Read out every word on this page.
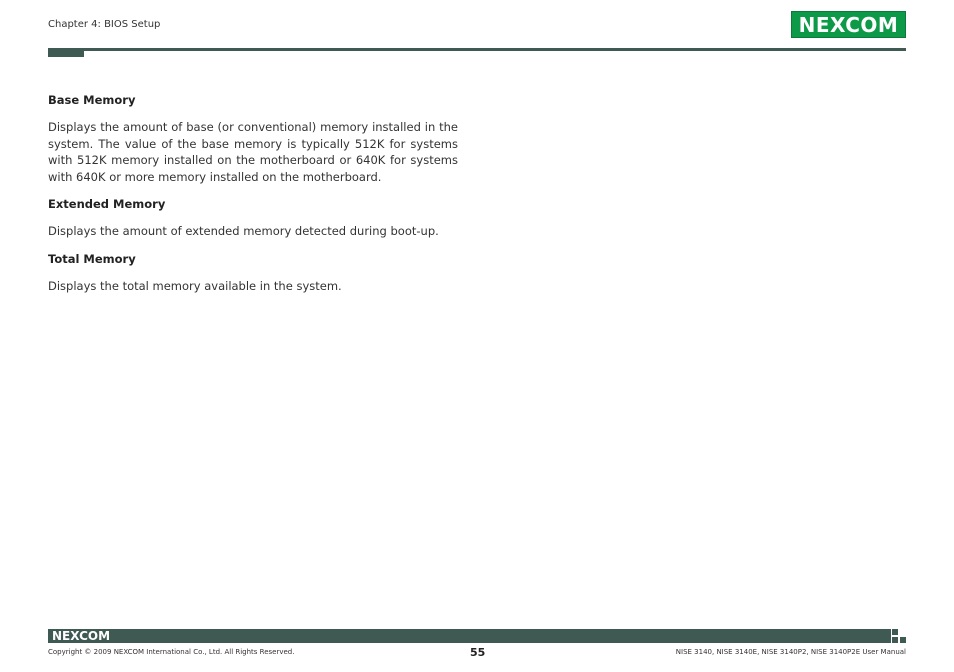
Chapter 4: BIOS Setup	NEXCOM
Base Memory

Displays the amount of base (or conventional) memory installed in the system. The value of the base memory is typically 512K for systems with 512K memory installed on the motherboard or 640K for systems with 640K or more memory installed on the motherboard.

Extended Memory

Displays the amount of extended memory detected during boot-up.

Total Memory

Displays the total memory available in the system.

NEXCOM
Copyright © 2009 NEXCOM International Co., Ltd. All Rights Reserved.	55	NISE 3140, NISE 3140E, NISE 3140P2, NISE 3140P2E User Manual
